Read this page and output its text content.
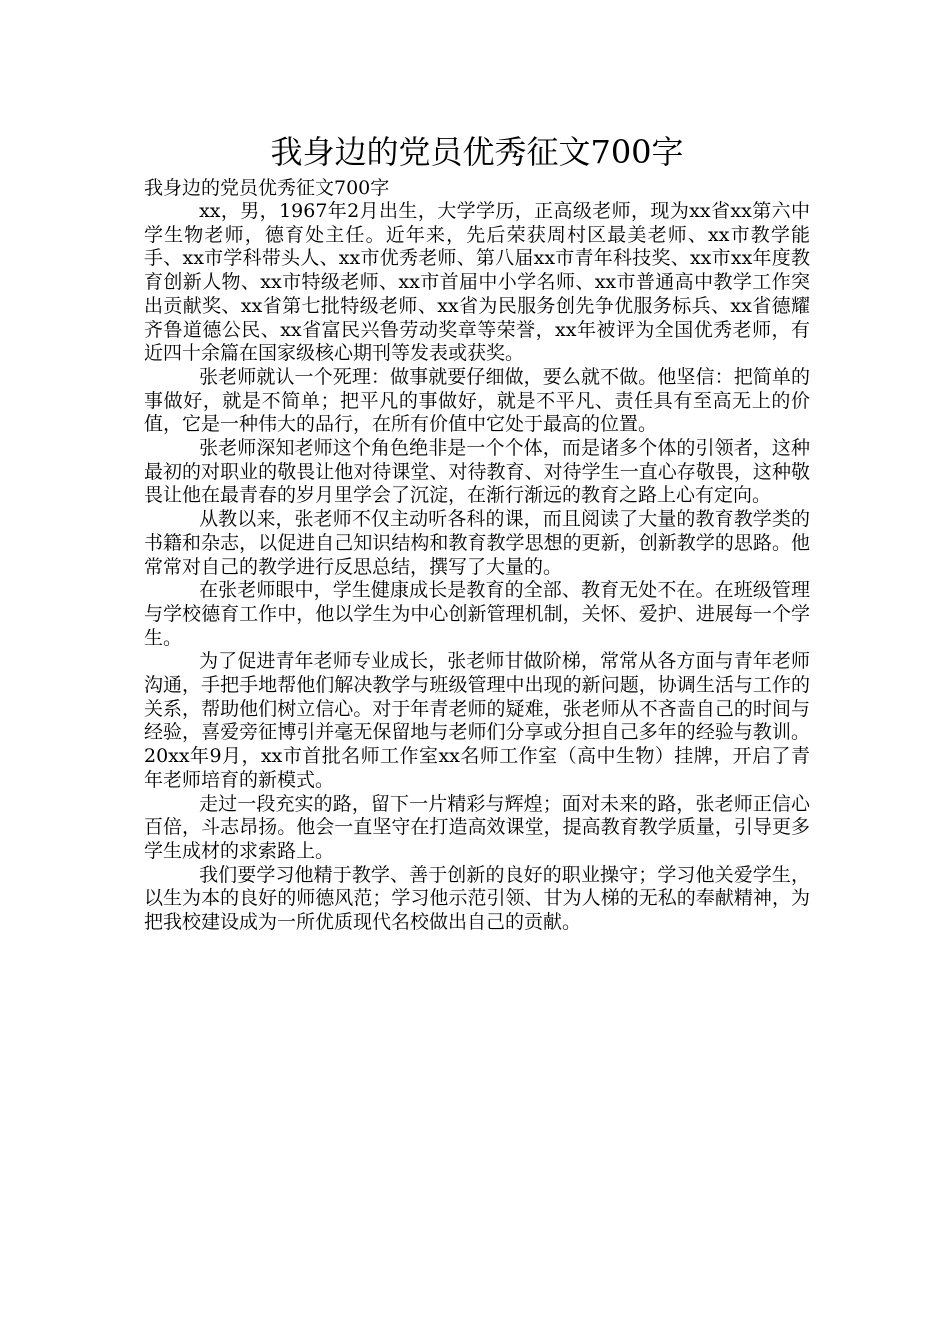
我身边的党员优秀征文700字

我身边的党员优秀征文700字

xx，男，1967年2月出生，大学学历，正高级老师，现为xx省xx第六中学生物老师，德育处主任。近年来，先后荣获周村区最美老师、xx市教学能手、xx市学科带头人、xx市优秀老师、第八届xx市青年科技奖、xx市xx年度教育创新人物、xx市特级老师、xx市首届中小学名师、xx市普通高中教学工作突出贡献奖、xx省第七批特级老师、xx省为民服务创先争优服务标兵、xx省德耀齐鲁道德公民、xx省富民兴鲁劳动奖章等荣誉，xx年被评为全国优秀老师，有近四十余篇在国家级核心期刊等发表或获奖。

张老师就认一个死理：做事就要仔细做，要么就不做。他坚信：把简单的事做好，就是不简单；把平凡的事做好，就是不平凡、责任具有至高无上的价值，它是一种伟大的品行，在所有价值中它处于最高的位置。

张老师深知老师这个角色绝非是一个个体，而是诸多个体的引领者，这种最初的对职业的敬畏让他对待课堂、对待教育、对待学生一直心存敬畏，这种敬畏让他在最青春的岁月里学会了沉淀，在渐行渐远的教育之路上心有定向。

从教以来，张老师不仅主动听各科的课，而且阅读了大量的教育教学类的书籍和杂志，以促进自己知识结构和教育教学思想的更新，创新教学的思路。他常常对自己的教学进行反思总结，撰写了大量的。

在张老师眼中，学生健康成长是教育的全部、教育无处不在。在班级管理与学校德育工作中，他以学生为中心创新管理机制，关怀、爱护、进展每一个学生。

为了促进青年老师专业成长，张老师甘做阶梯，常常从各方面与青年老师沟通，手把手地帮他们解决教学与班级管理中出现的新问题，协调生活与工作的关系，帮助他们树立信心。对于年青老师的疑难，张老师从不吝啬自己的时间与经验，喜爱旁征博引并毫无保留地与老师们分享或分担自己多年的经验与教训。20xx年9月，xx市首批名师工作室xx名师工作室（高中生物）挂牌，开启了青年老师培育的新模式。

走过一段充实的路，留下一片精彩与辉煌；面对未来的路，张老师正信心百倍，斗志昂扬。他会一直坚守在打造高效课堂，提高教育教学质量，引导更多学生成材的求索路上。

我们要学习他精于教学、善于创新的良好的职业操守；学习他关爱学生，以生为本的良好的师德风范；学习他示范引领、甘为人梯的无私的奉献精神，为把我校建设成为一所优质现代名校做出自己的贡献。
